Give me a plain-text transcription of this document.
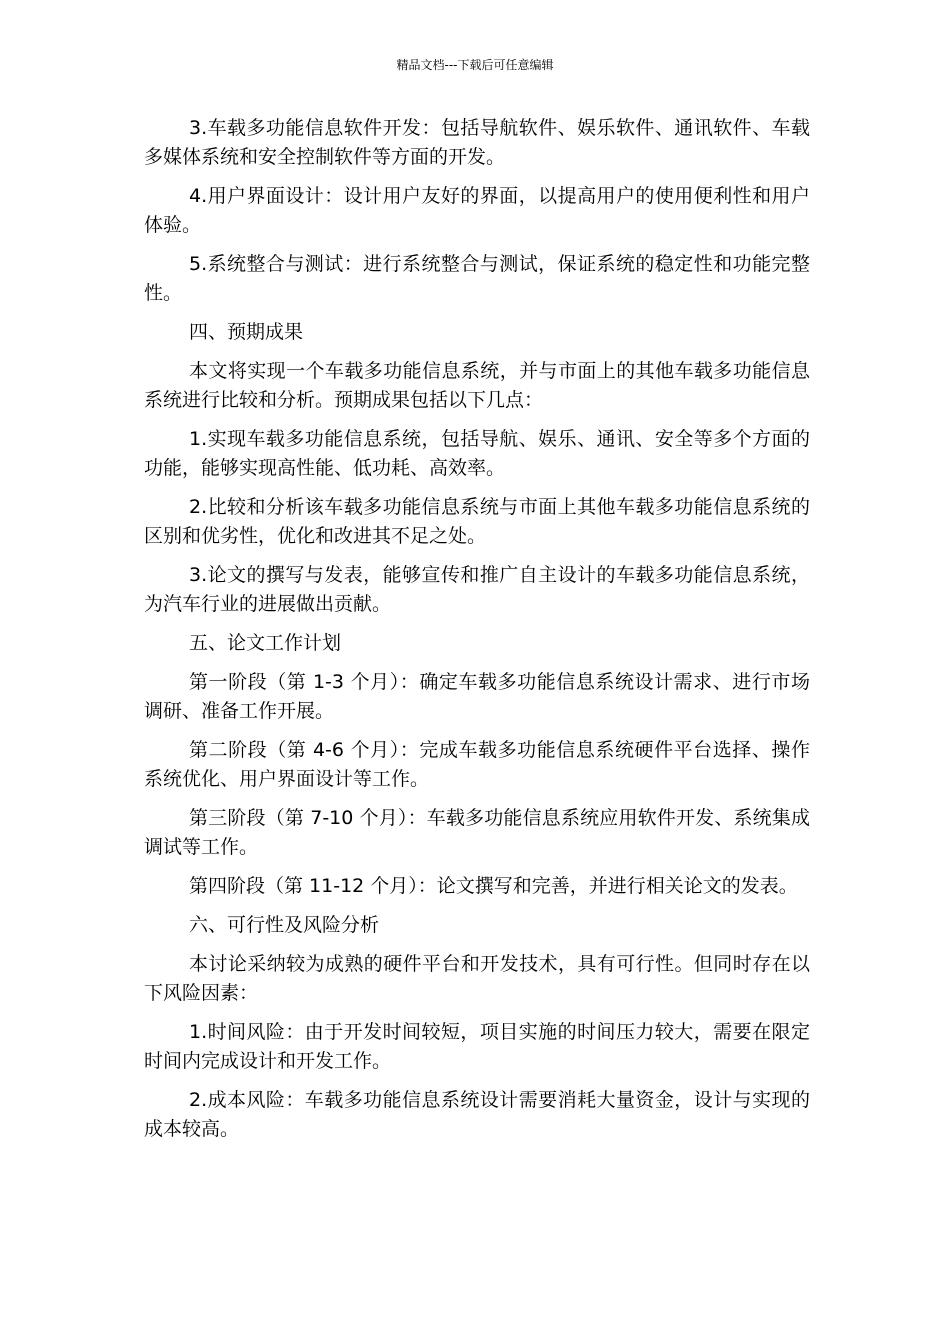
精品文档---下载后可任意编辑

3.车载多功能信息软件开发：包括导航软件、娱乐软件、通讯软件、车载多媒体系统和安全控制软件等方面的开发。

4.用户界面设计：设计用户友好的界面，以提高用户的使用便利性和用户体验。

5.系统整合与测试：进行系统整合与测试，保证系统的稳定性和功能完整性。

四、预期成果

本文将实现一个车载多功能信息系统，并与市面上的其他车载多功能信息系统进行比较和分析。预期成果包括以下几点：

1.实现车载多功能信息系统，包括导航、娱乐、通讯、安全等多个方面的功能，能够实现高性能、低功耗、高效率。

2.比较和分析该车载多功能信息系统与市面上其他车载多功能信息系统的区别和优劣性，优化和改进其不足之处。

3.论文的撰写与发表，能够宣传和推广自主设计的车载多功能信息系统，为汽车行业的进展做出贡献。

五、论文工作计划

第一阶段（第 1-3 个月）：确定车载多功能信息系统设计需求、进行市场调研、准备工作开展。

第二阶段（第 4-6 个月）：完成车载多功能信息系统硬件平台选择、操作系统优化、用户界面设计等工作。

第三阶段（第 7-10 个月）：车载多功能信息系统应用软件开发、系统集成调试等工作。

第四阶段（第 11-12 个月）：论文撰写和完善，并进行相关论文的发表。

六、可行性及风险分析

本讨论采纳较为成熟的硬件平台和开发技术，具有可行性。但同时存在以下风险因素：

1.时间风险：由于开发时间较短，项目实施的时间压力较大，需要在限定时间内完成设计和开发工作。

2.成本风险：车载多功能信息系统设计需要消耗大量资金，设计与实现的成本较高。
